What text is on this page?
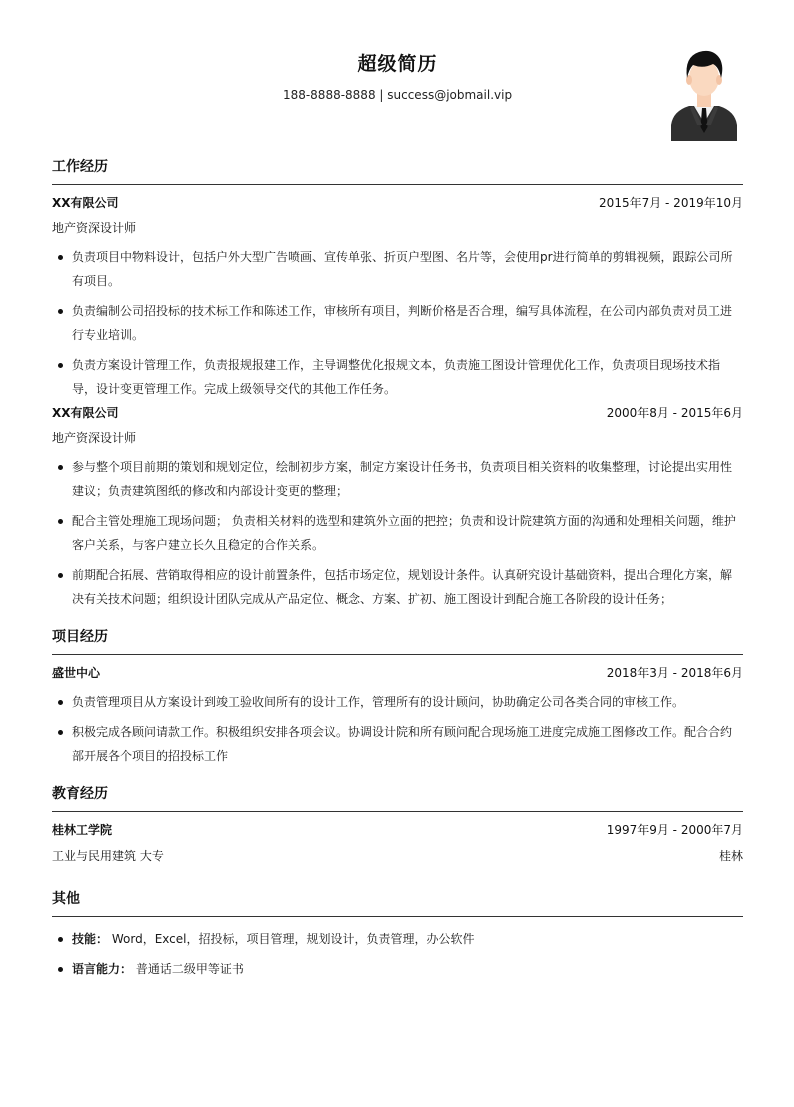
超级简历
188-8888-8888 | success@jobmail.vip
工作经历
XX有限公司	2015年7月 - 2019年10月
地产资深设计师
负责项目中物料设计，包括户外大型广告喷画、宣传单张、折页户型图、名片等，会使用pr进行简单的剪辑视频，跟踪公司所有项目。
负责编制公司招投标的技术标工作和陈述工作，审核所有项目，判断价格是否合理，编写具体流程，在公司内部负责对员工进行专业培训。
负责方案设计管理工作，负责报规报建工作，主导调整优化报规文本，负责施工图设计管理优化工作，负责项目现场技术指导，设计变更管理工作。完成上级领导交代的其他工作任务。
XX有限公司	2000年8月 - 2015年6月
地产资深设计师
参与整个项目前期的策划和规划定位，绘制初步方案，制定方案设计任务书，负责项目相关资料的收集整理，讨论提出实用性建议；负责建筑图纸的修改和内部设计变更的整理；
配合主管处理施工现场问题； 负责相关材料的选型和建筑外立面的把控；负责和设计院建筑方面的沟通和处理相关问题，维护客户关系，与客户建立长久且稳定的合作关系。
前期配合拓展、营销取得相应的设计前置条件，包括市场定位，规划设计条件。认真研究设计基础资料，提出合理化方案，解决有关技术问题；组织设计团队完成从产品定位、概念、方案、扩初、施工图设计到配合施工各阶段的设计任务；
项目经历
盛世中心	2018年3月 - 2018年6月
负责管理项目从方案设计到竣工验收间所有的设计工作，管理所有的设计顾问，协助确定公司各类合同的审核工作。
积极完成各顾问请款工作。积极组织安排各项会议。协调设计院和所有顾问配合现场施工进度完成施工图修改工作。配合合约部开展各个项目的招投标工作
教育经历
桂林工学院	1997年9月 - 2000年7月
工业与民用建筑 大专	桂林
其他
技能： Word，Excel，招投标，项目管理，规划设计，负责管理，办公软件
语言能力： 普通话二级甲等证书
